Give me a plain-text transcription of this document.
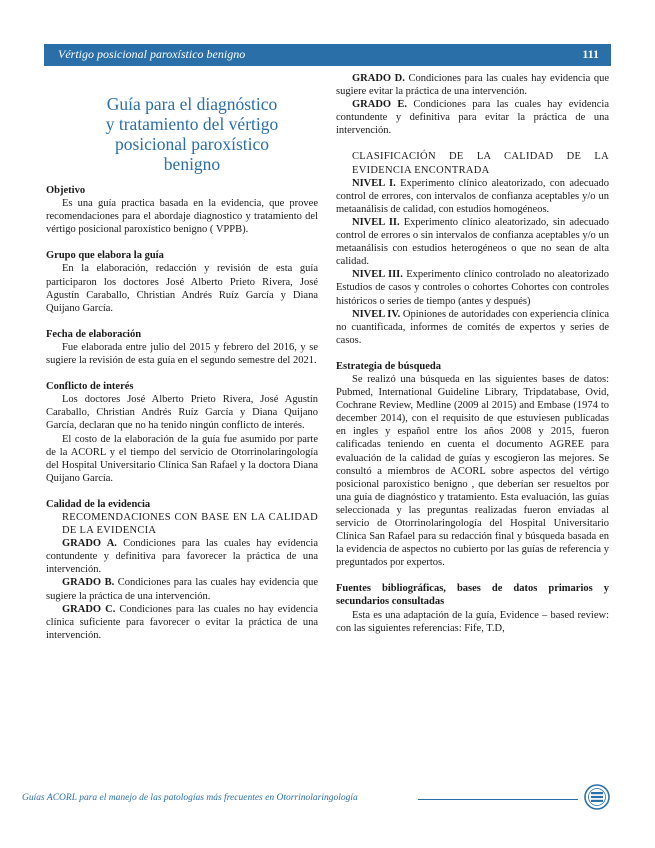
Vértigo posicional paroxístico benigno	111
Guía para el diagnóstico
y tratamiento del vértigo
posicional paroxístico
benigno

Objetivo

Es una guía practica basada en la evidencia, que provee recomendaciones para el abordaje diagnostico y tratamiento del vértigo posicional paroxístico benigno ( VPPB).

Grupo que elabora la guía

En la elaboración, redacción y revisión de esta guía participaron los doctores José Alberto Prieto Rivera, José Agustín Caraballo, Christian Andrés Ruíz García y Diana Quijano García.

Fecha de elaboración

Fue elaborada entre julio del 2015 y febrero del 2016, y se sugiere la revisión de esta guía en el segundo semestre del 2021.

Conflicto de interés

Los doctores José Alberto Prieto Rivera, José Agustín Caraballo, Christian Andrés Ruíz García y Diana Quijano García, declaran que no ha tenido ningún conflicto de interés.

El costo de la elaboración de la guía fue asumido por parte de la ACORL y el tiempo del servicio de Otorrinolaringología del Hospital Universitario Clínica San Rafael y la doctora Diana Quijano García.

Calidad de la evidencia

RECOMENDACIONES CON BASE EN LA CALIDAD DE LA EVIDENCIA

GRADO A. Condiciones para las cuales hay evidencia contundente y definitiva para favorecer la práctica de una intervención.

GRADO B. Condiciones para las cuales hay evidencia que sugiere la práctica de una intervención.

GRADO C. Condiciones para las cuales no hay evidencia clínica suficiente para favorecer o evitar la práctica de una intervención.

GRADO D. Condiciones para las cuales hay evidencia que sugiere evitar la práctica de una intervención.

GRADO E. Condiciones para las cuales hay evidencia contundente y definitiva para evitar la práctica de una intervención.

CLASIFICACIÓN DE LA CALIDAD DE LA EVIDENCIA ENCONTRADA

NIVEL I. Experimento clínico aleatorizado, con adecuado control de errores, con intervalos de confianza aceptables y/o un metaanálisis de calidad, con estudios homogéneos.

NIVEL II. Experimento clínico aleatorizado, sin adecuado control de errores o sin intervalos de confianza aceptables y/o un metaanálisis con estudios heterogéneos o que no sean de alta calidad.

NIVEL III. Experimento clínico controlado no aleatorizado Estudios de casos y controles o cohortes Cohortes con controles históricos o series de tiempo (antes y después)

NIVEL IV. Opiniones de autoridades con experiencia clínica no cuantificada, informes de comités de expertos y series de casos.

Estrategia de búsqueda

Se realizó una búsqueda en las siguientes bases de datos: Pubmed, International Guideline Library, Tripdatabase, Ovid, Cochrane Review, Medline (2009 al 2015) and Embase (1974 to december 2014), con el requisito de que estuviesen publicadas en ingles y español entre los años 2008 y 2015, fueron calificadas teniendo en cuenta el documento AGREE para evaluación de la calidad de guías y escogieron las mejores. Se consultó a miembros de ACORL sobre aspectos del vértigo posicional paroxístico benigno , que deberían ser resueltos por una guía de diagnóstico y tratamiento. Esta evaluación, las guías seleccionada y las preguntas realizadas fueron enviadas al servicio de Otorrinolaringología del Hospital Universitario Clínica San Rafael para su redacción final y búsqueda basada en la evidencia de aspectos no cubierto por las guías de referencia y preguntados por expertos.

Fuentes bibliográficas, bases de datos primarios y secundarios consultadas

Esta es una adaptación de la guía, Evidence – based review: con las siguientes referencias: Fife, T.D,

Guías ACORL para el manejo de las patologías más frecuentes en Otorrinolaringología
